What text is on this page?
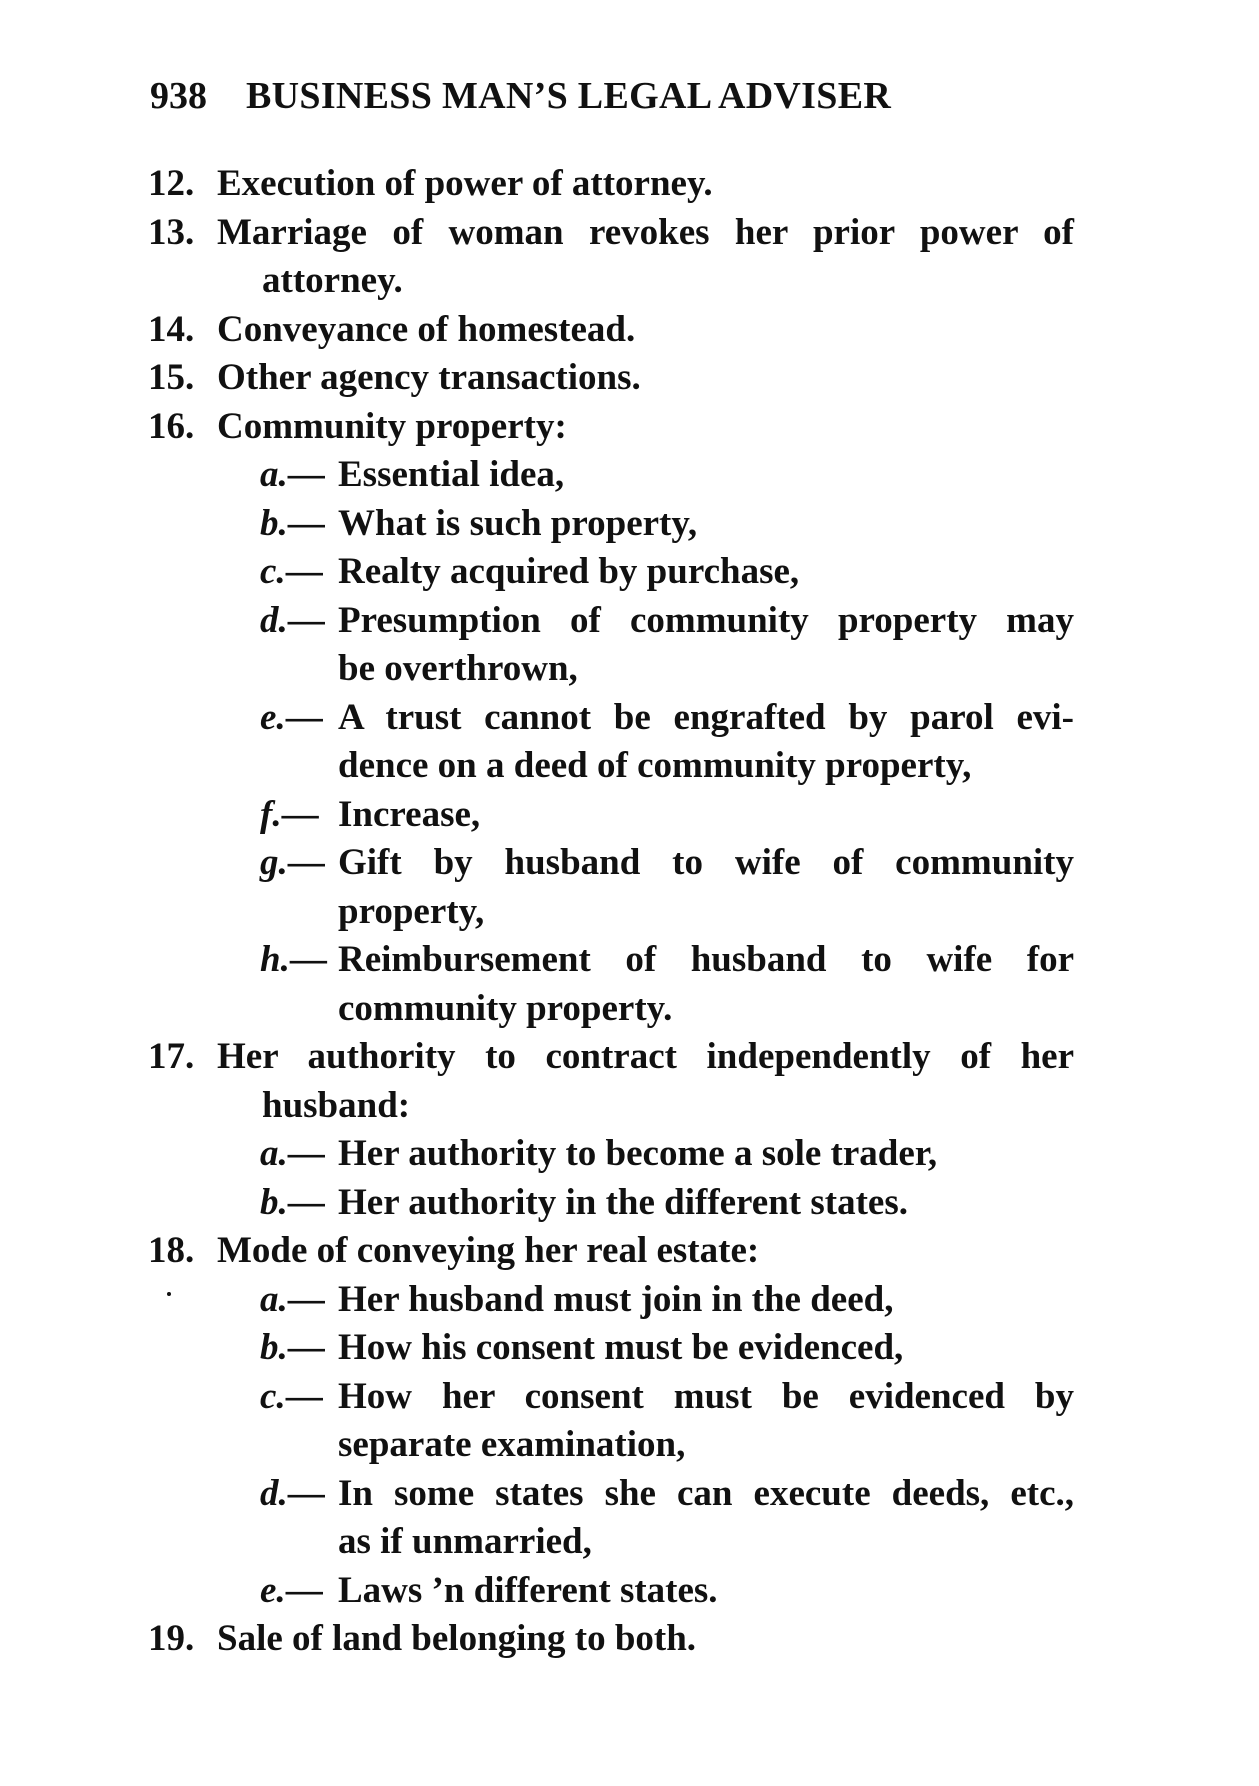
938 BUSINESS MAN’S LEGAL ADVISER
12. Execution of power of attorney.
13. Marriage of woman revokes her prior power of
attorney.
14. Conveyance of homestead.
15. Other agency transactions.
16. Community property:
a.— Essential idea,
b.— What is such property,
c.— Realty acquired by purchase,
d.— Presumption of community property may
be overthrown,
e.— A trust cannot be engrafted by parol evi-
dence on a deed of community property,
f.— Increase,
g.— Gift by husband to wife of community
property,
h.— Reimbursement of husband to wife for
community property.
17. Her authority to contract independently of her
husband:
a.— Her authority to become a sole trader,
b.— Her authority in the different states.
18. Mode of conveying her real estate:
a.— Her husband must join in the deed,
b.— How his consent must be evidenced,
c.— How her consent must be evidenced by
separate examination,
d.— In some states she can execute deeds, etc.,
as if unmarried,
e.— Laws ʼn different states.
19. Sale of land belonging to both.
